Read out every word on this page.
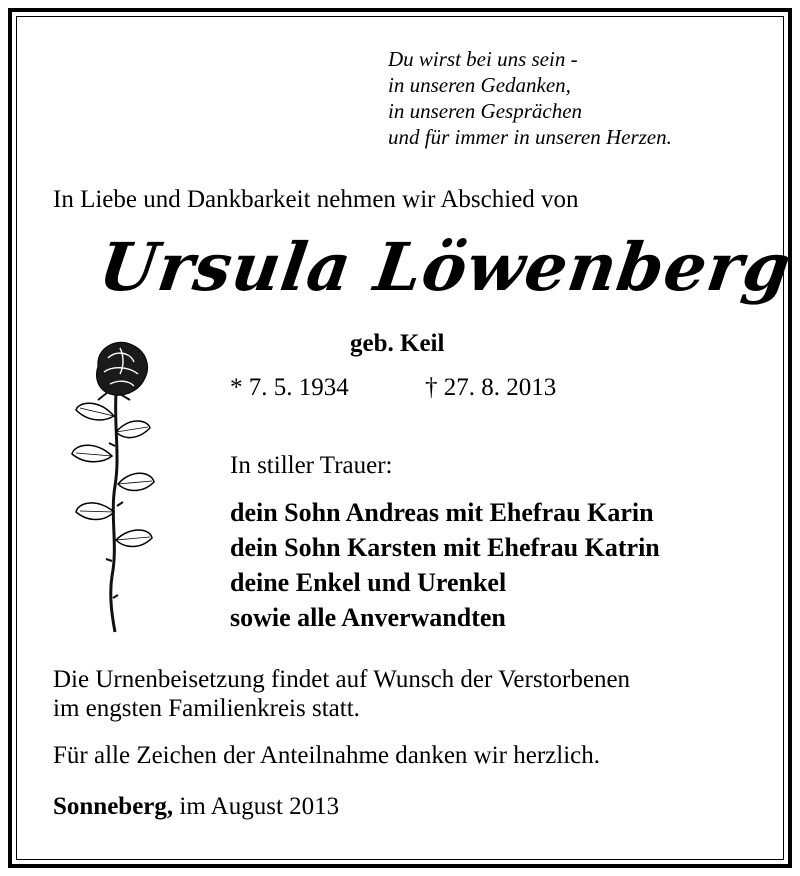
Du wirst bei uns sein -
in unseren Gedanken,
in unseren Gesprächen
und für immer in unseren Herzen.
In Liebe und Dankbarkeit nehmen wir Abschied von
Ursula Löwenberg
geb. Keil
* 7. 5. 1934	† 27. 8. 2013
In stiller Trauer:
dein Sohn Andreas mit Ehefrau Karin
dein Sohn Karsten mit Ehefrau Katrin
deine Enkel und Urenkel
sowie alle Anverwandten
Die Urnenbeisetzung findet auf Wunsch der Verstorbenen
im engsten Familienkreis statt.
Für alle Zeichen der Anteilnahme danken wir herzlich.
Sonneberg, im August 2013
